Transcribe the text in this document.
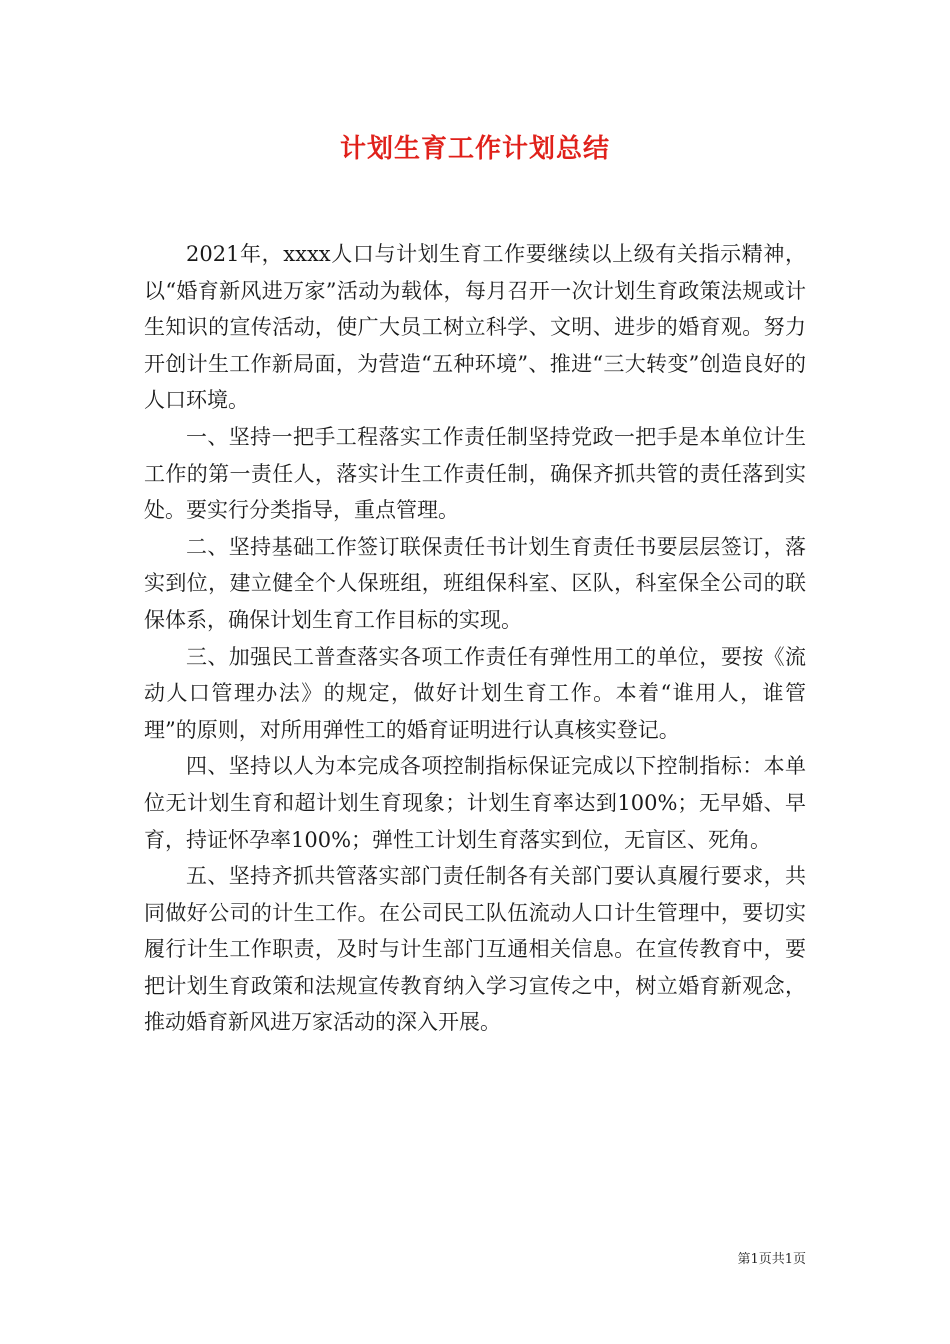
计划生育工作计划总结

2021年，xxxx人口与计划生育工作要继续以上级有关指示精神，以“婚育新风进万家”活动为载体，每月召开一次计划生育政策法规或计生知识的宣传活动，使广大员工树立科学、文明、进步的婚育观。努力开创计生工作新局面，为营造“五种环境”、推进“三大转变”创造良好的人口环境。

一、坚持一把手工程落实工作责任制坚持党政一把手是本单位计生工作的第一责任人，落实计生工作责任制，确保齐抓共管的责任落到实处。要实行分类指导，重点管理。

二、坚持基础工作签订联保责任书计划生育责任书要层层签订，落实到位，建立健全个人保班组，班组保科室、区队，科室保全公司的联保体系，确保计划生育工作目标的实现。

三、加强民工普查落实各项工作责任有弹性用工的单位，要按《流动人口管理办法》的规定，做好计划生育工作。本着“谁用人，谁管理”的原则，对所用弹性工的婚育证明进行认真核实登记。

四、坚持以人为本完成各项控制指标保证完成以下控制指标：本单位无计划生育和超计划生育现象；计划生育率达到100%；无早婚、早育，持证怀孕率100%；弹性工计划生育落实到位，无盲区、死角。

五、坚持齐抓共管落实部门责任制各有关部门要认真履行要求，共同做好公司的计生工作。在公司民工队伍流动人口计生管理中，要切实履行计生工作职责，及时与计生部门互通相关信息。在宣传教育中，要把计划生育政策和法规宣传教育纳入学习宣传之中，树立婚育新观念，推动婚育新风进万家活动的深入开展。

第1页共1页
